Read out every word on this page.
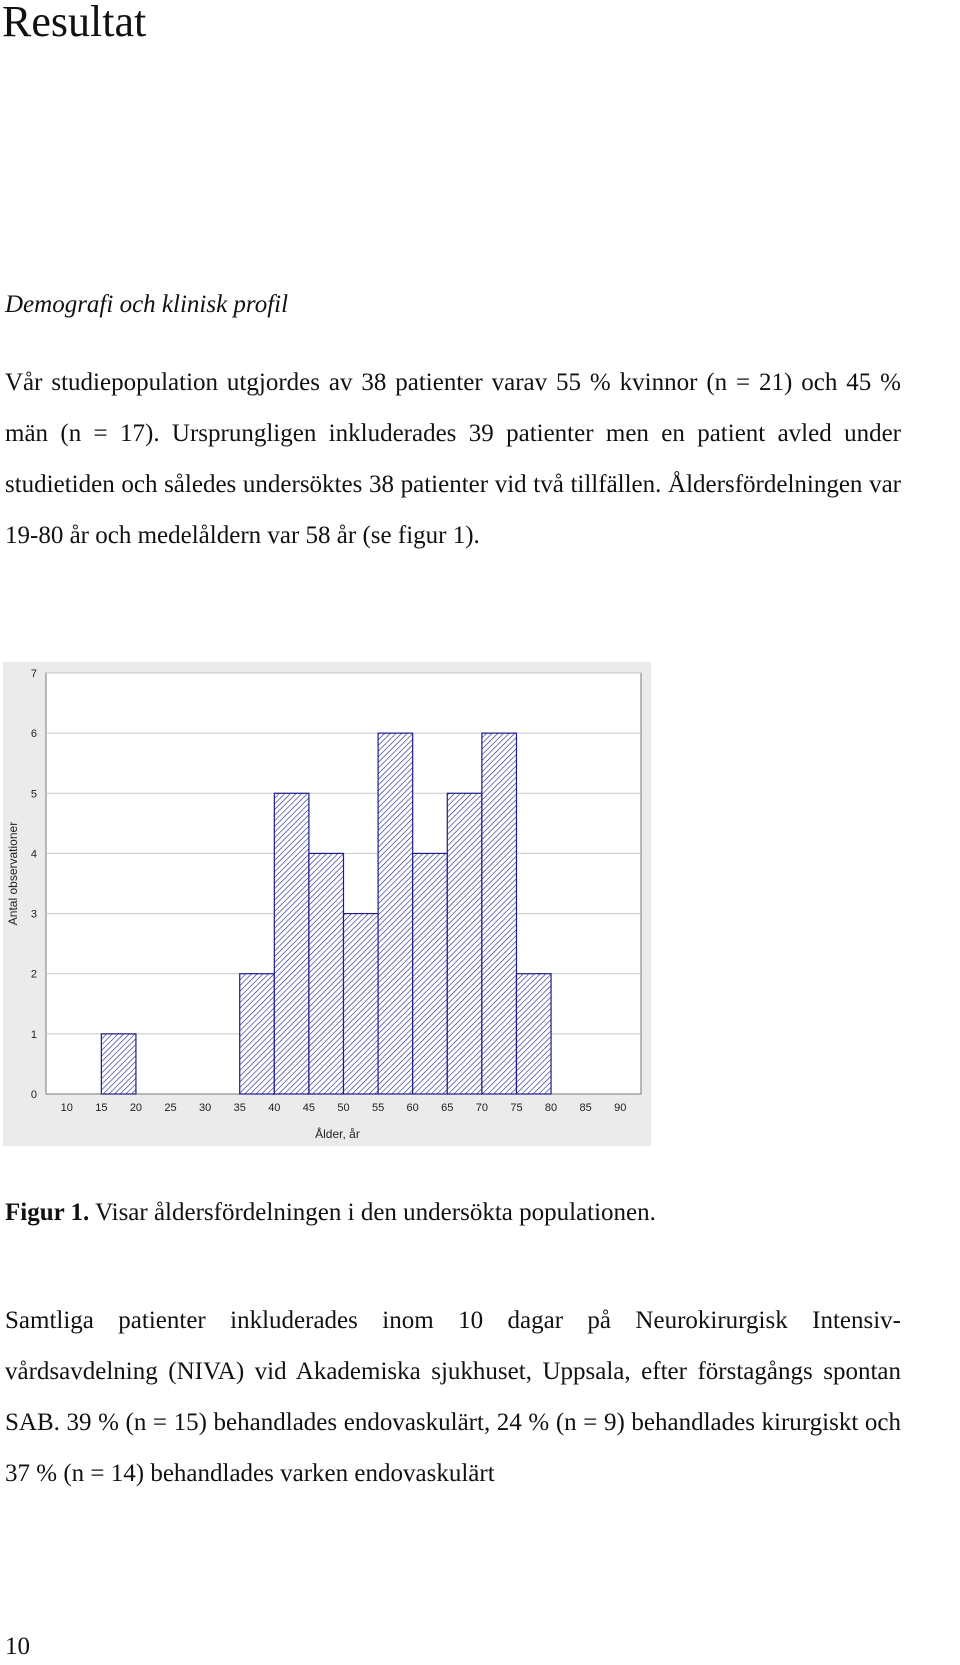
Resultat
Demografi och klinisk profil

Vår studiepopulation utgjordes av 38 patienter varav 55 % kvinnor (n = 21) och 45 % män (n = 17). Ursprungligen inkluderades 39 patienter men en patient avled under studietiden och således undersöktes 38 patienter vid två tillfällen. Åldersfördelningen var 19-80 år och medelåldern var 58 år (se figur 1).

0
1
2
3
4
5
6
7
10 15 20 25 30 35 40 45 50 55 60 65 70 75 80 85 90
Ålder, år
Antal observationer

Figur 1. Visar åldersfördelningen i den undersökta populationen.

Samtliga patienter inkluderades inom 10 dagar på Neurokirurgisk Intensiv-vårdsavdelning (NIVA) vid Akademiska sjukhuset, Uppsala, efter förstagångs spontan SAB. 39 % (n = 15) behandlades endovaskulärt, 24 % (n = 9) behandlades kirurgiskt och 37 % (n = 14) behandlades varken endovaskulärt

10
